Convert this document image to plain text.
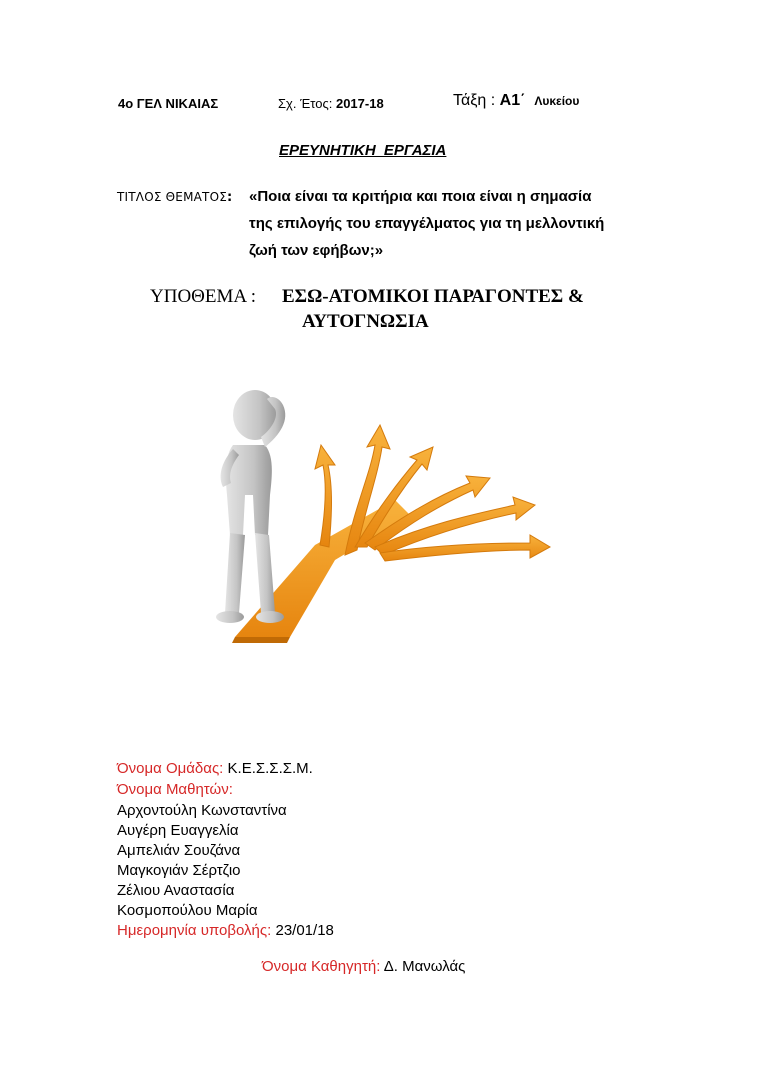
4ο ΓΕΛ ΝΙΚΑΙΑΣ	Σχ. Έτος: 2017-18	Τάξη : Α1΄ Λυκείου
ΕΡΕΥΝΗΤΙΚΗ ΕΡΓΑΣΙΑ
ΤΙΤΛΟΣ ΘΕΜΑΤΟΣ: «Ποια είναι τα κριτήρια και ποια είναι η σημασία
της επιλογής του επαγγέλματος για τη μελλοντική
ζωή των εφήβων;»
ΥΠΟΘΕΜΑ : ΕΣΩ-ΑΤΟΜΙΚΟΙ ΠΑΡΑΓΟΝΤΕΣ &
ΑΥΤΟΓΝΩΣΙΑ
Όνομα Ομάδας: Κ.Ε.Σ.Σ.Σ.Μ.
Όνομα Μαθητών:
Αρχοντούλη Κωνσταντίνα
Αυγέρη Ευαγγελία
Αμπελιάν Σουζάνα
Μαγκογιάν Σέρτζιο
Ζέλιου Αναστασία
Κοσμοπούλου Μαρία
Ημερομηνία υποβολής: 23/01/18
Όνομα Καθηγητή: Δ. Μανωλάς
